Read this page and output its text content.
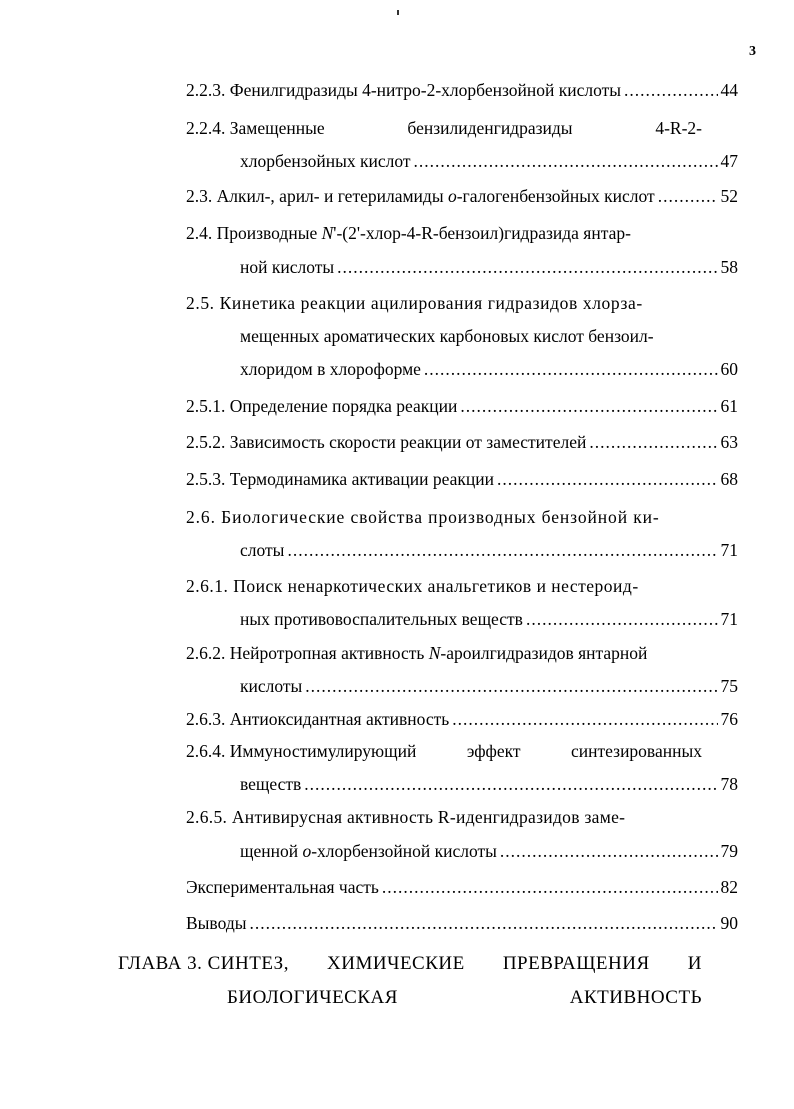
3
2.2.3. Фенилгидразиды 4-нитро-2-хлорбензойной кислоты .....	44
2.2.4. Замещенные	бензилиденгидразиды	4-R-2-
хлорбензойных кислот .....	47
2.3. Алкил-, арил- и гетериламиды o-галогенбензойных кислот .....	52
2.4. Производные N'-(2'-хлор-4-R-бензоил)гидразида янтар-
ной кислоты .....	58
2.5. Кинетика реакции ацилирования гидразидов хлорза-
мещенных ароматических карбоновых кислот бензоил-
хлоридом в хлороформе .....	60
2.5.1. Определение порядка реакции .....	61
2.5.2. Зависимость скорости реакции от заместителей .....	63
2.5.3. Термодинамика активации реакции .....	68
2.6. Биологические свойства производных бензойной ки-
слоты .....	71
2.6.1. Поиск ненаркотических анальгетиков и нестероид-
ных противовоспалительных веществ .....	71
2.6.2. Нейротропная активность N-ароилгидразидов янтарной
кислоты .....	75
2.6.3. Антиоксидантная активность .....	76
2.6.4. Иммуностимулирующий	эффект	синтезированных
веществ .....	78
2.6.5. Антивирусная активность R-иденгидразидов заме-
щенной o-хлорбензойной кислоты .....	79
Экспериментальная часть .....	82
Выводы .....	90
ГЛАВА 3. СИНТЕЗ, ХИМИЧЕСКИЕ ПРЕВРАЩЕНИЯ И
БИОЛОГИЧЕСКАЯ	АКТИВНОСТЬ
